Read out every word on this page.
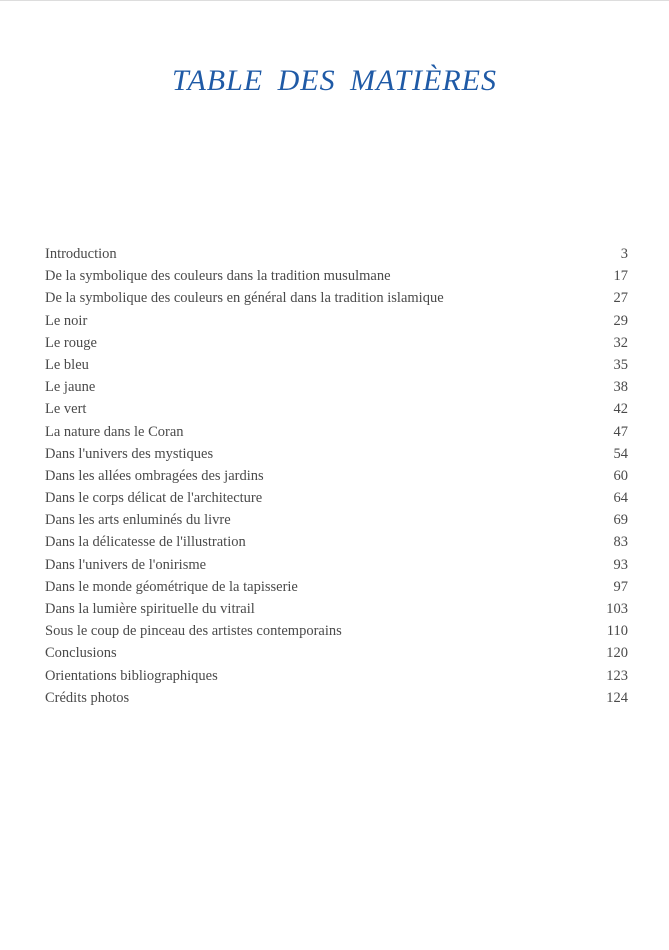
TABLE DES MATIÈRES
Introduction	3
De la symbolique des couleurs dans la tradition musulmane	17
De la symbolique des couleurs en général dans la tradition islamique	27
Le noir	29
Le rouge	32
Le bleu	35
Le jaune	38
Le vert	42
La nature dans le Coran	47
Dans l'univers des mystiques	54
Dans les allées ombragées des jardins	60
Dans le corps délicat de l'architecture	64
Dans les arts enluminés du livre	69
Dans la délicatesse de l'illustration	83
Dans l'univers de l'onirisme	93
Dans le monde géométrique de la tapisserie	97
Dans la lumière spirituelle du vitrail	103
Sous le coup de pinceau des artistes contemporains	110
Conclusions	120
Orientations bibliographiques	123
Crédits photos	124
